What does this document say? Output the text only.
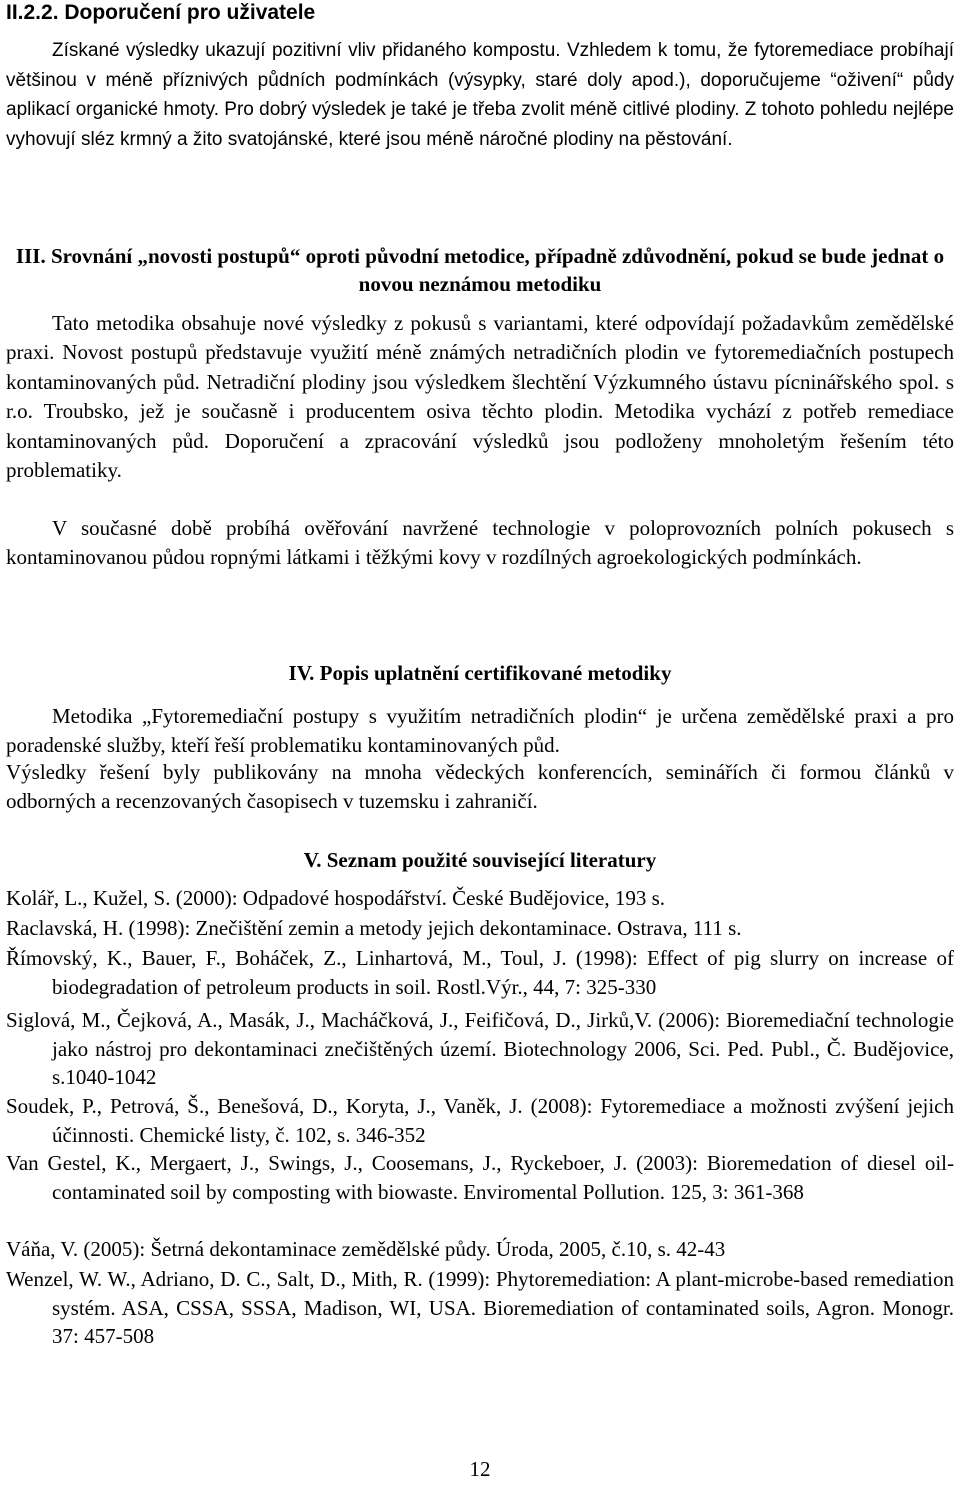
II.2.2. Doporučení pro uživatele
Získané výsledky ukazují pozitivní vliv přidaného kompostu. Vzhledem k tomu, že fytoremediace probíhají většinou v méně příznivých půdních podmínkách (výsypky, staré doly apod.), doporučujeme “oživení“ půdy aplikací organické hmoty. Pro dobrý výsledek je také je třeba zvolit méně citlivé plodiny. Z tohoto pohledu nejlépe vyhovují sléz krmný a žito svatojánské, které jsou méně náročné plodiny na pěstování.
III. Srovnání „novosti postupů“ oproti původní metodice, případně zdůvodnění, pokud se bude jednat o novou neznámou metodiku
Tato metodika obsahuje nové výsledky z pokusů s variantami, které odpovídají požadavkům zemědělské praxi. Novost postupů představuje využití méně známých netradičních plodin ve fytoremediačních postupech kontaminovaných půd. Netradiční plodiny jsou výsledkem šlechtění Výzkumného ústavu pícninářského spol. s r.o. Troubsko, jež je současně i producentem osiva těchto plodin. Metodika vychází z potřeb remediace kontaminovaných půd. Doporučení a zpracování výsledků jsou podloženy mnoholetým řešením této problematiky.
V současné době probíhá ověřování navržené technologie v poloprovozních polních pokusech s kontaminovanou půdou ropnými látkami i těžkými kovy v rozdílných agroekologických podmínkách.
IV. Popis uplatnění certifikované metodiky
Metodika „Fytoremediační postupy s využitím netradičních plodin“ je určena zemědělské praxi a pro poradenské služby, kteří řeší problematiku kontaminovaných půd.
Výsledky řešení byly publikovány na mnoha vědeckých konferencích, seminářích či formou článků v odborných a recenzovaných časopisech v tuzemsku i zahraničí.
V. Seznam použité související literatury
Kolář, L., Kužel, S. (2000): Odpadové hospodářství. České Budějovice, 193 s.
Raclavská, H. (1998): Znečištění zemin a metody jejich dekontaminace. Ostrava, 111 s.
Římovský, K., Bauer, F., Boháček, Z., Linhartová, M., Toul, J. (1998): Effect of pig slurry on increase of biodegradation of petroleum products in soil. Rostl.Výr., 44, 7: 325-330
Siglová, M., Čejková, A., Masák, J., Macháčková, J., Feifičová, D., Jirků,V. (2006): Bioremediační technologie jako nástroj pro dekontaminaci znečištěných území. Biotechnology 2006, Sci. Ped. Publ., Č. Budějovice, s.1040-1042
Soudek, P., Petrová, Š., Benešová, D., Koryta, J., Vaněk, J. (2008): Fytoremediace a možnosti zvýšení jejich účinnosti. Chemické listy, č. 102, s. 346-352
Van Gestel, K., Mergaert, J., Swings, J., Coosemans, J., Ryckeboer, J. (2003): Bioremedation of diesel oil-contaminated soil by composting with biowaste. Enviromental Pollution. 125, 3: 361-368
Váňa, V. (2005): Šetrná dekontaminace zemědělské půdy. Úroda, 2005, č.10, s. 42-43
Wenzel, W. W., Adriano, D. C., Salt, D., Mith, R. (1999): Phytoremediation: A plant-microbe-based remediation systém. ASA, CSSA, SSSA, Madison, WI, USA. Bioremediation of contaminated soils, Agron. Monogr. 37: 457-508
12
